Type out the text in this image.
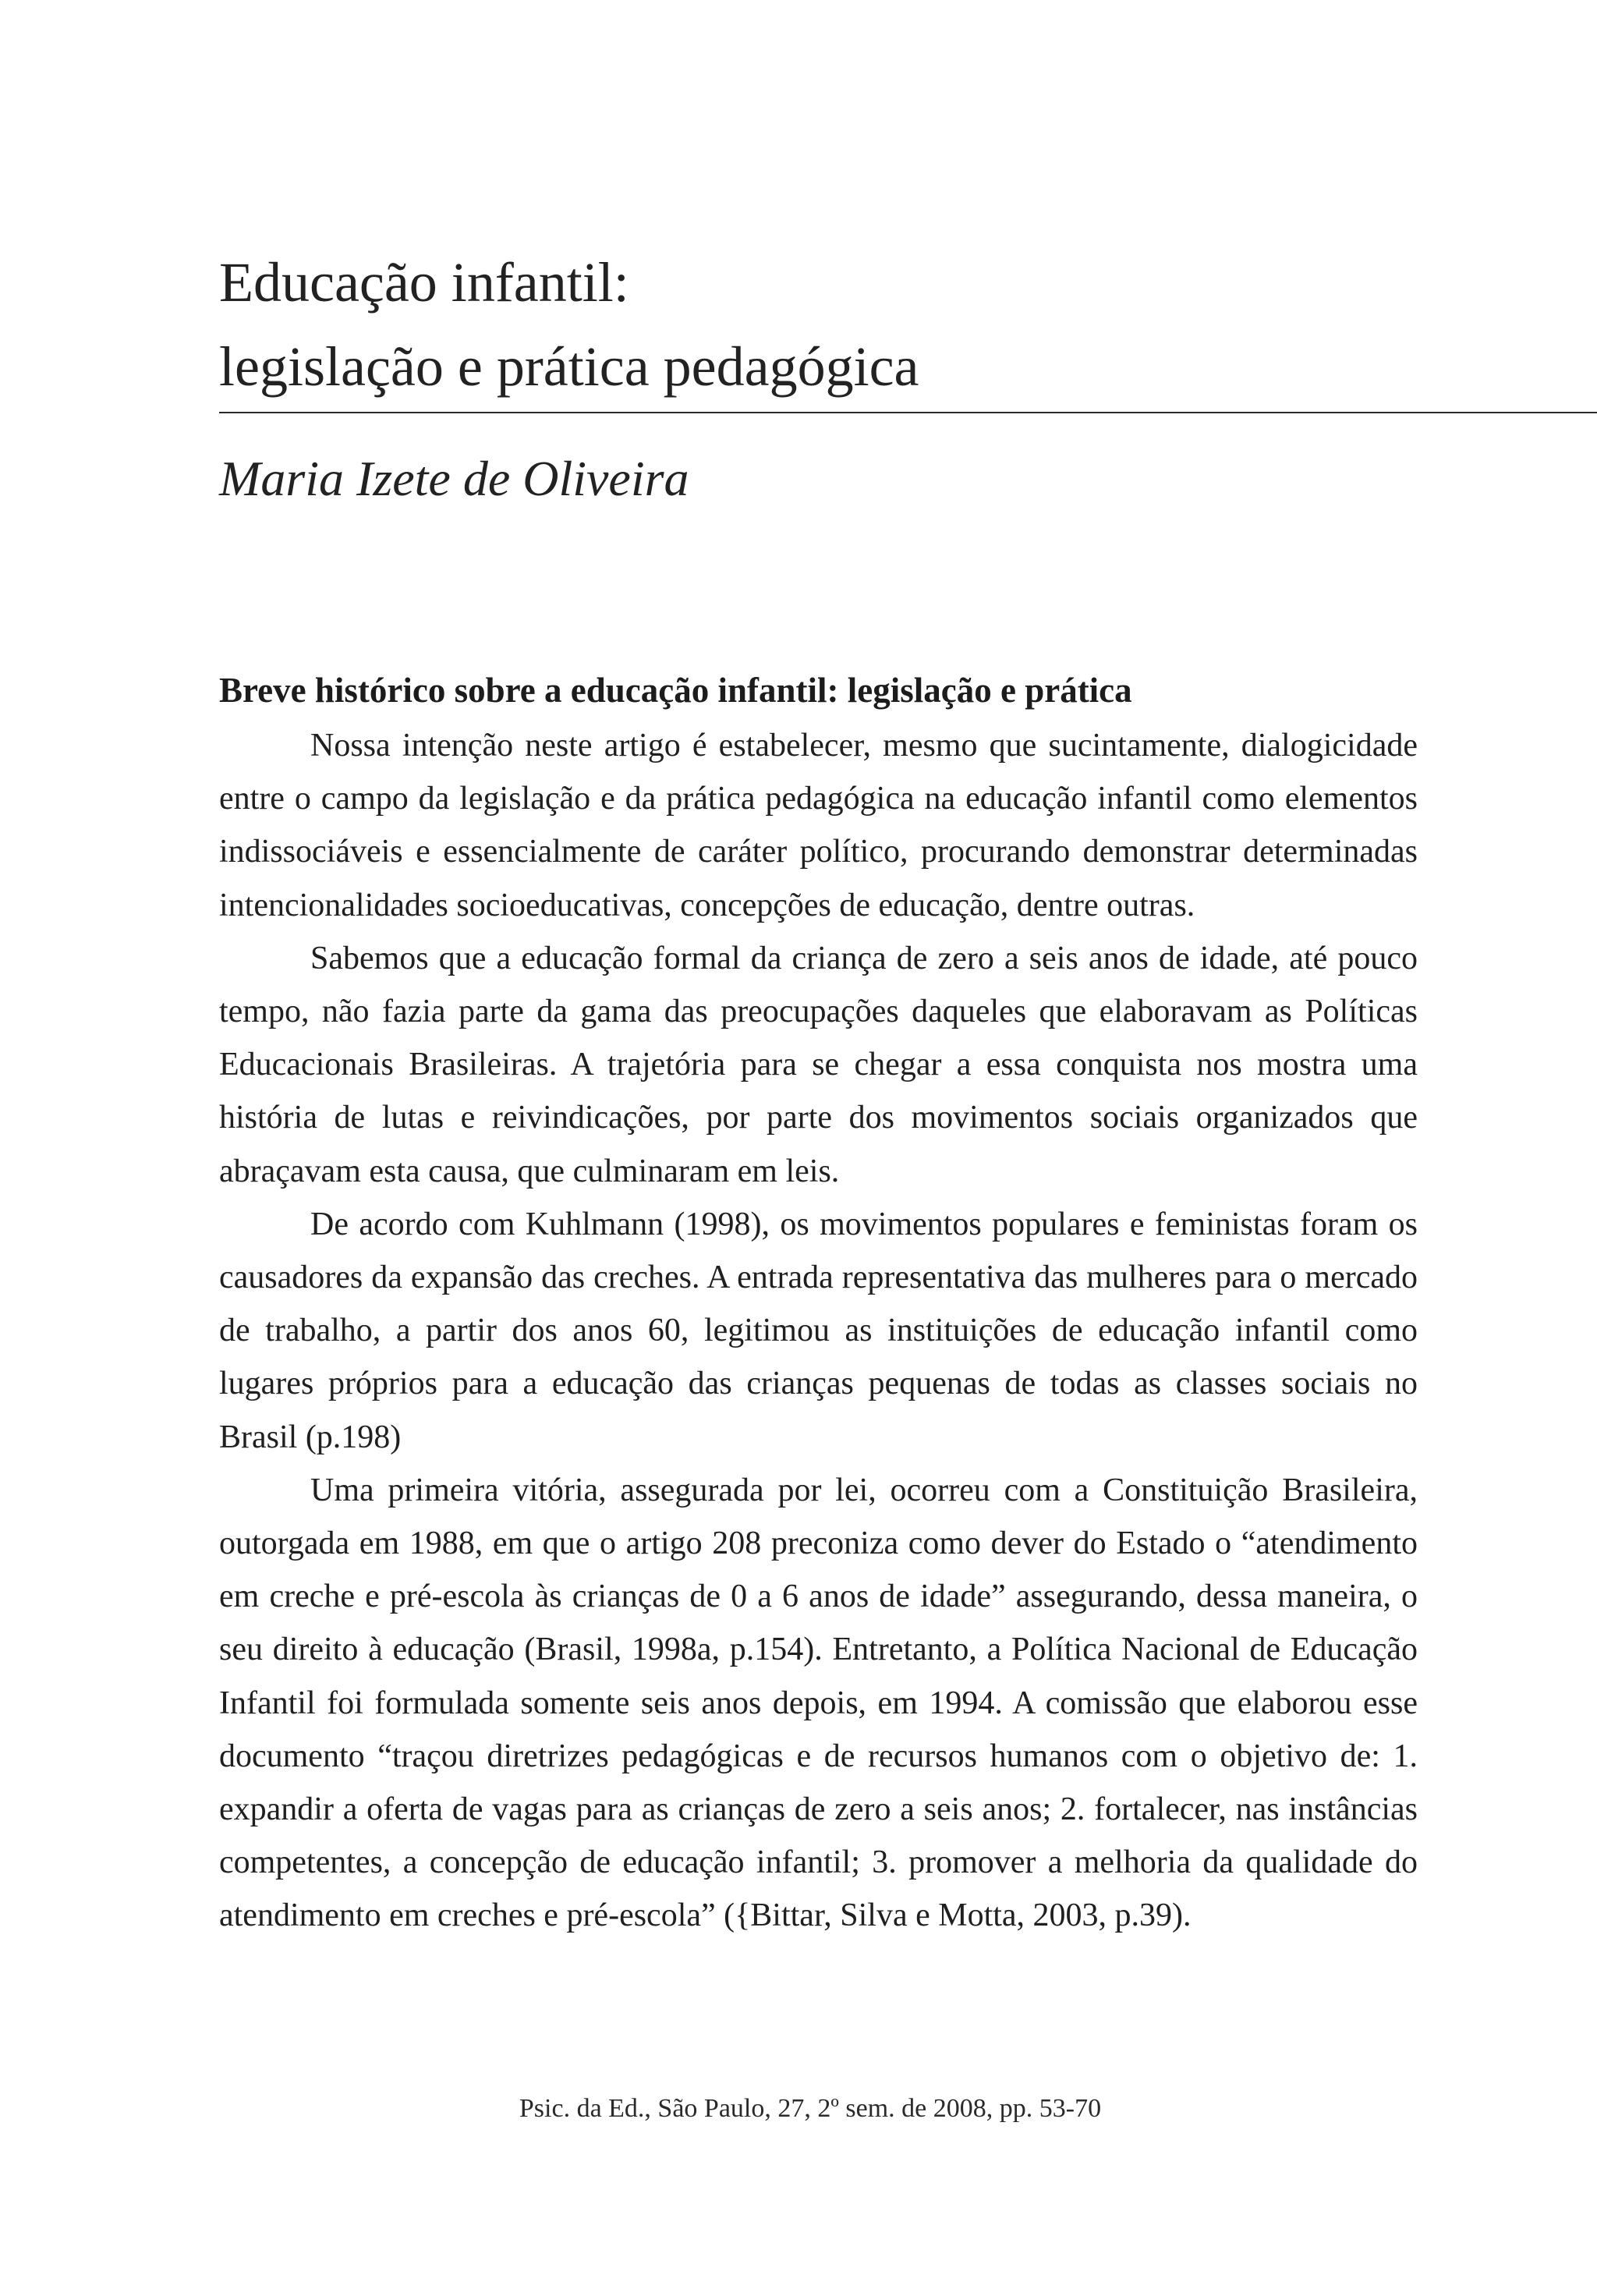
Educação infantil:
legislação e prática pedagógica
Maria Izete de Oliveira
Breve histórico sobre a educação infantil: legislação e prática

Nossa intenção neste artigo é estabelecer, mesmo que sucintamente, dialogicidade entre o campo da legislação e da prática pedagógica na educação infantil como elementos indissociáveis e essencialmente de caráter político, procurando demonstrar determinadas intencionalidades socioeducativas, concepções de educação, dentre outras.

Sabemos que a educação formal da criança de zero a seis anos de idade, até pouco tempo, não fazia parte da gama das preocupações daqueles que elaboravam as Políticas Educacionais Brasileiras. A trajetória para se chegar a essa conquista nos mostra uma história de lutas e reivindicações, por parte dos movimentos sociais organizados que abraçavam esta causa, que culminaram em leis.

De acordo com Kuhlmann (1998), os movimentos populares e feministas foram os causadores da expansão das creches. A entrada representativa das mulheres para o mercado de trabalho, a partir dos anos 60, legitimou as instituições de educação infantil como lugares próprios para a educação das crianças pequenas de todas as classes sociais no Brasil (p.198)

Uma primeira vitória, assegurada por lei, ocorreu com a Constituição Brasileira, outorgada em 1988, em que o artigo 208 preconiza como dever do Estado o “atendimento em creche e pré-escola às crianças de 0 a 6 anos de idade” assegurando, dessa maneira, o seu direito à educação (Brasil, 1998a, p.154). Entretanto, a Política Nacional de Educação Infantil foi formulada somente seis anos depois, em 1994. A comissão que elaborou esse documento “traçou diretrizes pedagógicas e de recursos humanos com o objetivo de: 1. expandir a oferta de vagas para as crianças de zero a seis anos; 2. fortalecer, nas instâncias competentes, a concepção de educação infantil; 3. promover a melhoria da qualidade do atendimento em creches e pré-escola” ({Bittar, Silva e Motta, 2003, p.39).

Psic. da Ed., São Paulo, 27, 2º sem. de 2008, pp. 53-70
